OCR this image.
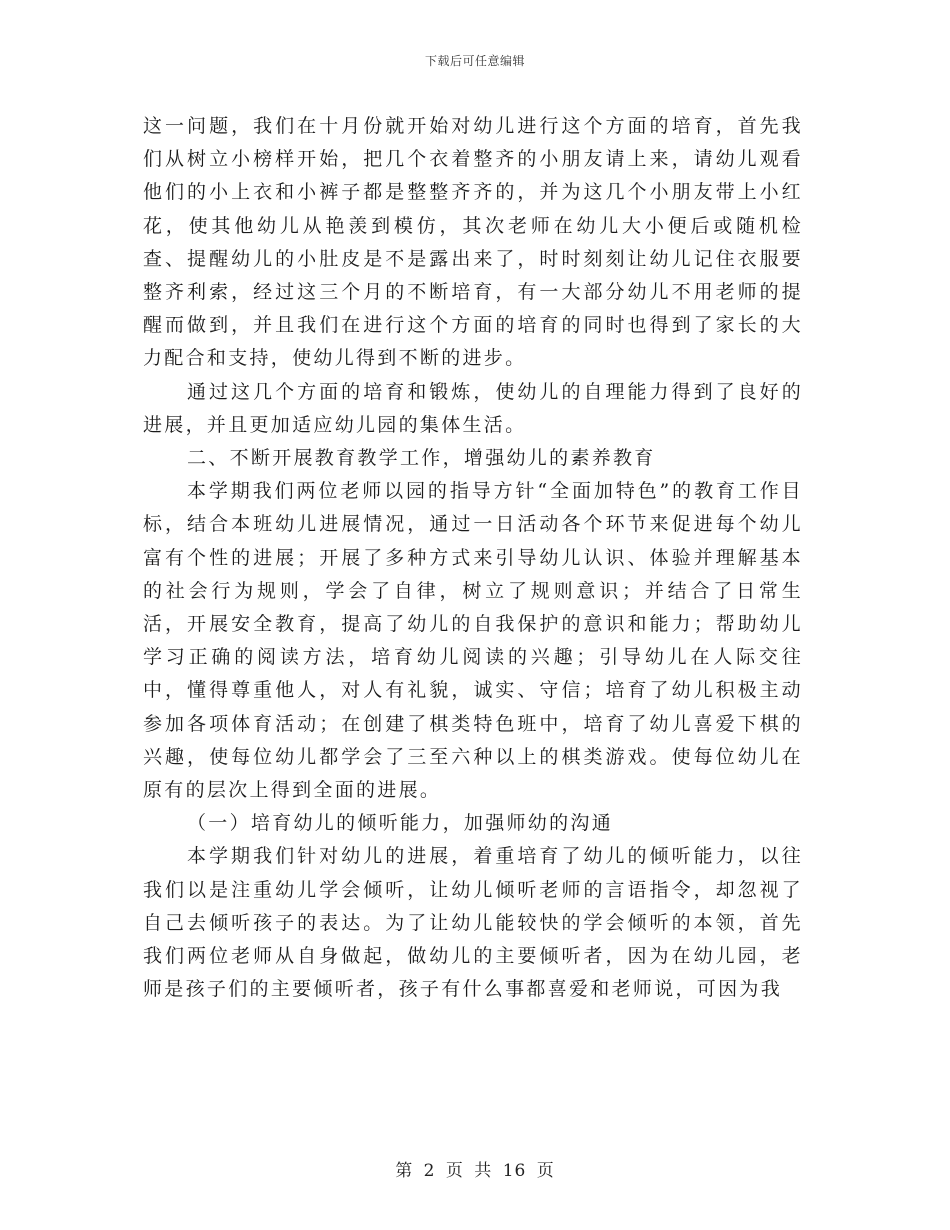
下载后可任意编辑

这一问题，我们在十月份就开始对幼儿进行这个方面的培育，首先我们从树立小榜样开始，把几个衣着整齐的小朋友请上来，请幼儿观看他们的小上衣和小裤子都是整整齐齐的，并为这几个小朋友带上小红花，使其他幼儿从艳羡到模仿，其次老师在幼儿大小便后或随机检查、提醒幼儿的小肚皮是不是露出来了，时时刻刻让幼儿记住衣服要整齐利索，经过这三个月的不断培育，有一大部分幼儿不用老师的提醒而做到，并且我们在进行这个方面的培育的同时也得到了家长的大力配合和支持，使幼儿得到不断的进步。

通过这几个方面的培育和锻炼，使幼儿的自理能力得到了良好的进展，并且更加适应幼儿园的集体生活。

二、不断开展教育教学工作，增强幼儿的素养教育

本学期我们两位老师以园的指导方针“全面加特色”的教育工作目标，结合本班幼儿进展情况，通过一日活动各个环节来促进每个幼儿富有个性的进展；开展了多种方式来引导幼儿认识、体验并理解基本的社会行为规则，学会了自律，树立了规则意识；并结合了日常生活，开展安全教育，提高了幼儿的自我保护的意识和能力；帮助幼儿学习正确的阅读方法，培育幼儿阅读的兴趣；引导幼儿在人际交往中，懂得尊重他人，对人有礼貌，诚实、守信；培育了幼儿积极主动参加各项体育活动；在创建了棋类特色班中，培育了幼儿喜爱下棋的兴趣，使每位幼儿都学会了三至六种以上的棋类游戏。使每位幼儿在原有的层次上得到全面的进展。

（一）培育幼儿的倾听能力，加强师幼的沟通

本学期我们针对幼儿的进展，着重培育了幼儿的倾听能力，以往我们以是注重幼儿学会倾听，让幼儿倾听老师的言语指令，却忽视了自己去倾听孩子的表达。为了让幼儿能较快的学会倾听的本领，首先我们两位老师从自身做起，做幼儿的主要倾听者，因为在幼儿园，老师是孩子们的主要倾听者，孩子有什么事都喜爱和老师说，可因为我

第 2 页 共 16 页
